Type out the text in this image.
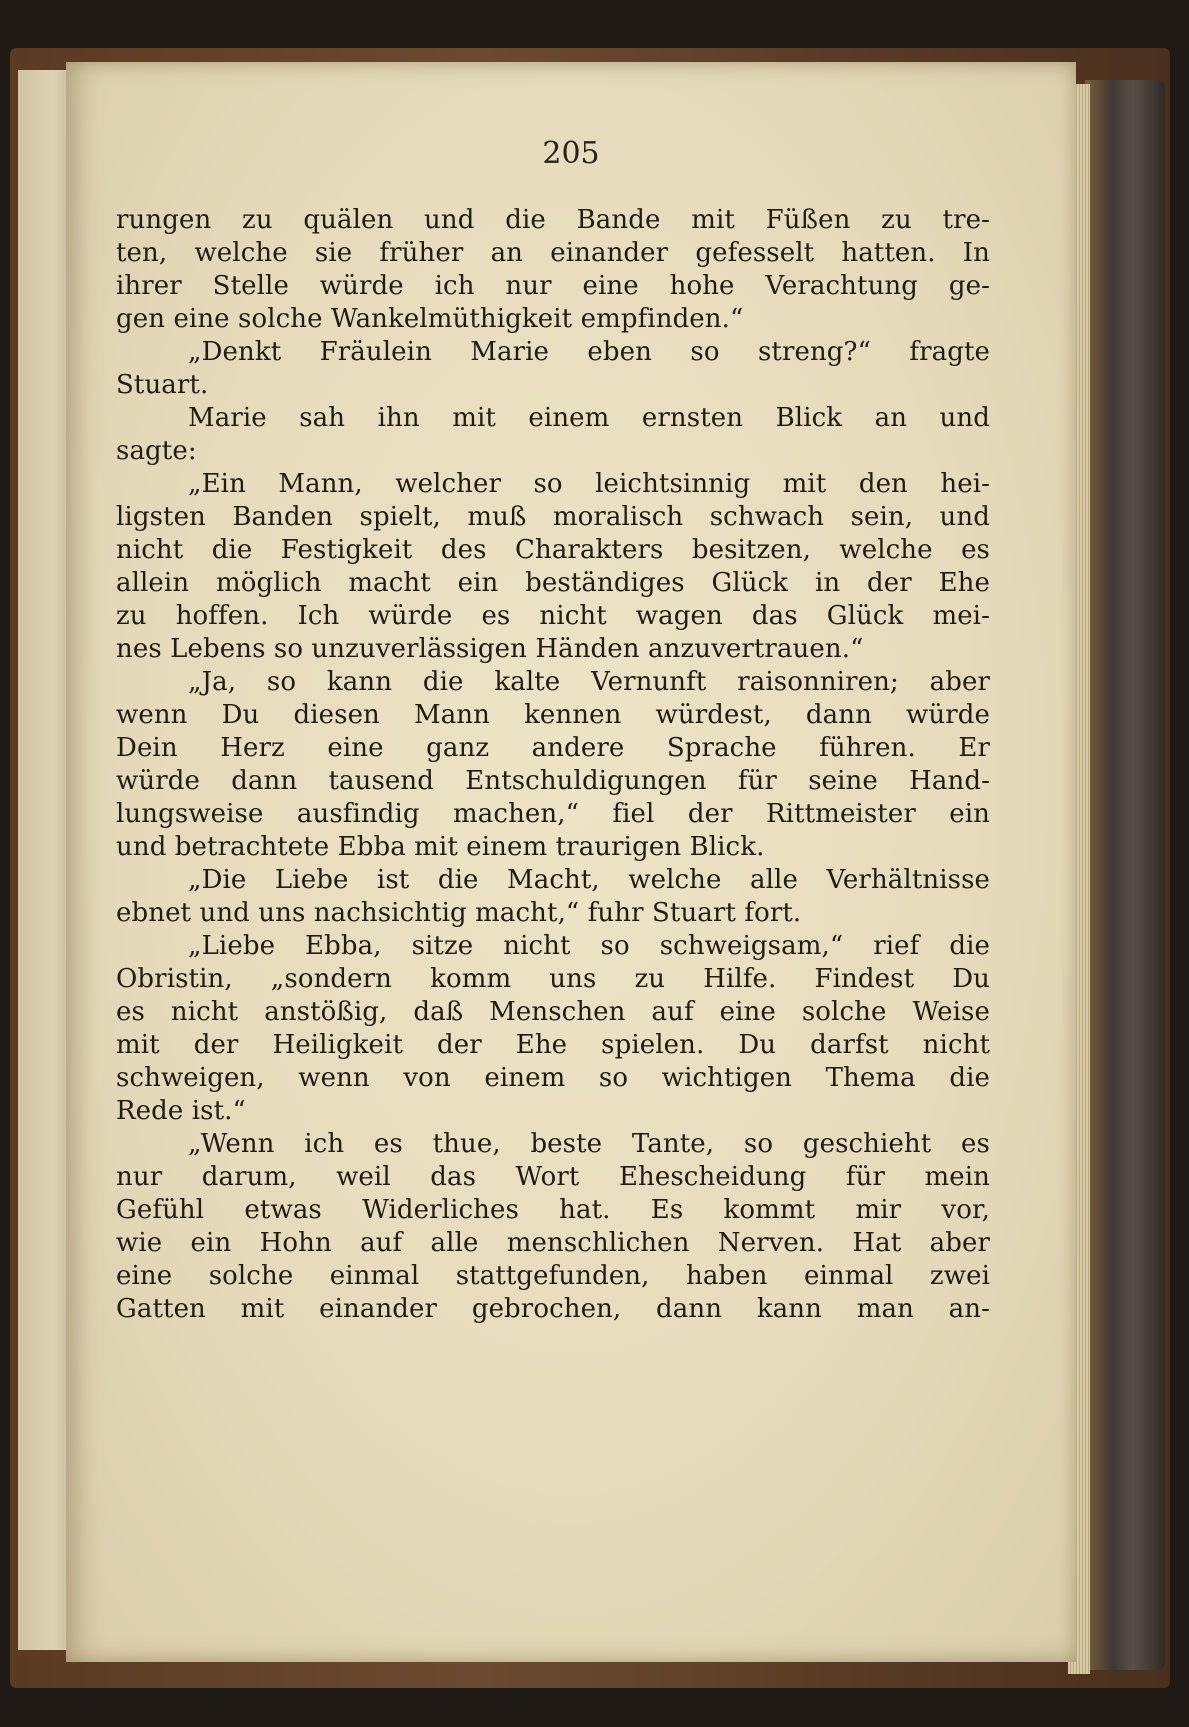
205
rungen zu quälen und die Bande mit Füßen zu tre-
ten, welche sie früher an einander gefesselt hatten. In
ihrer Stelle würde ich nur eine hohe Verachtung ge-
gen eine solche Wankelmüthigkeit empfinden.“
„Denkt Fräulein Marie eben so streng?“ fragte
Stuart.
Marie sah ihn mit einem ernsten Blick an und
sagte:
„Ein Mann, welcher so leichtsinnig mit den hei-
ligsten Banden spielt, muß moralisch schwach sein, und
nicht die Festigkeit des Charakters besitzen, welche es
allein möglich macht ein beständiges Glück in der Ehe
zu hoffen. Ich würde es nicht wagen das Glück mei-
nes Lebens so unzuverlässigen Händen anzuvertrauen.“
„Ja, so kann die kalte Vernunft raisonniren; aber
wenn Du diesen Mann kennen würdest, dann würde
Dein Herz eine ganz andere Sprache führen. Er
würde dann tausend Entschuldigungen für seine Hand-
lungsweise ausfindig machen,“ fiel der Rittmeister ein
und betrachtete Ebba mit einem traurigen Blick.
„Die Liebe ist die Macht, welche alle Verhältnisse
ebnet und uns nachsichtig macht,“ fuhr Stuart fort.
„Liebe Ebba, sitze nicht so schweigsam,“ rief die
Obristin, „sondern komm uns zu Hilfe. Findest Du
es nicht anstößig, daß Menschen auf eine solche Weise
mit der Heiligkeit der Ehe spielen. Du darfst nicht
schweigen, wenn von einem so wichtigen Thema die
Rede ist.“
„Wenn ich es thue, beste Tante, so geschieht es
nur darum, weil das Wort Ehescheidung für mein
Gefühl etwas Widerliches hat. Es kommt mir vor,
wie ein Hohn auf alle menschlichen Nerven. Hat aber
eine solche einmal stattgefunden, haben einmal zwei
Gatten mit einander gebrochen, dann kann man an-
